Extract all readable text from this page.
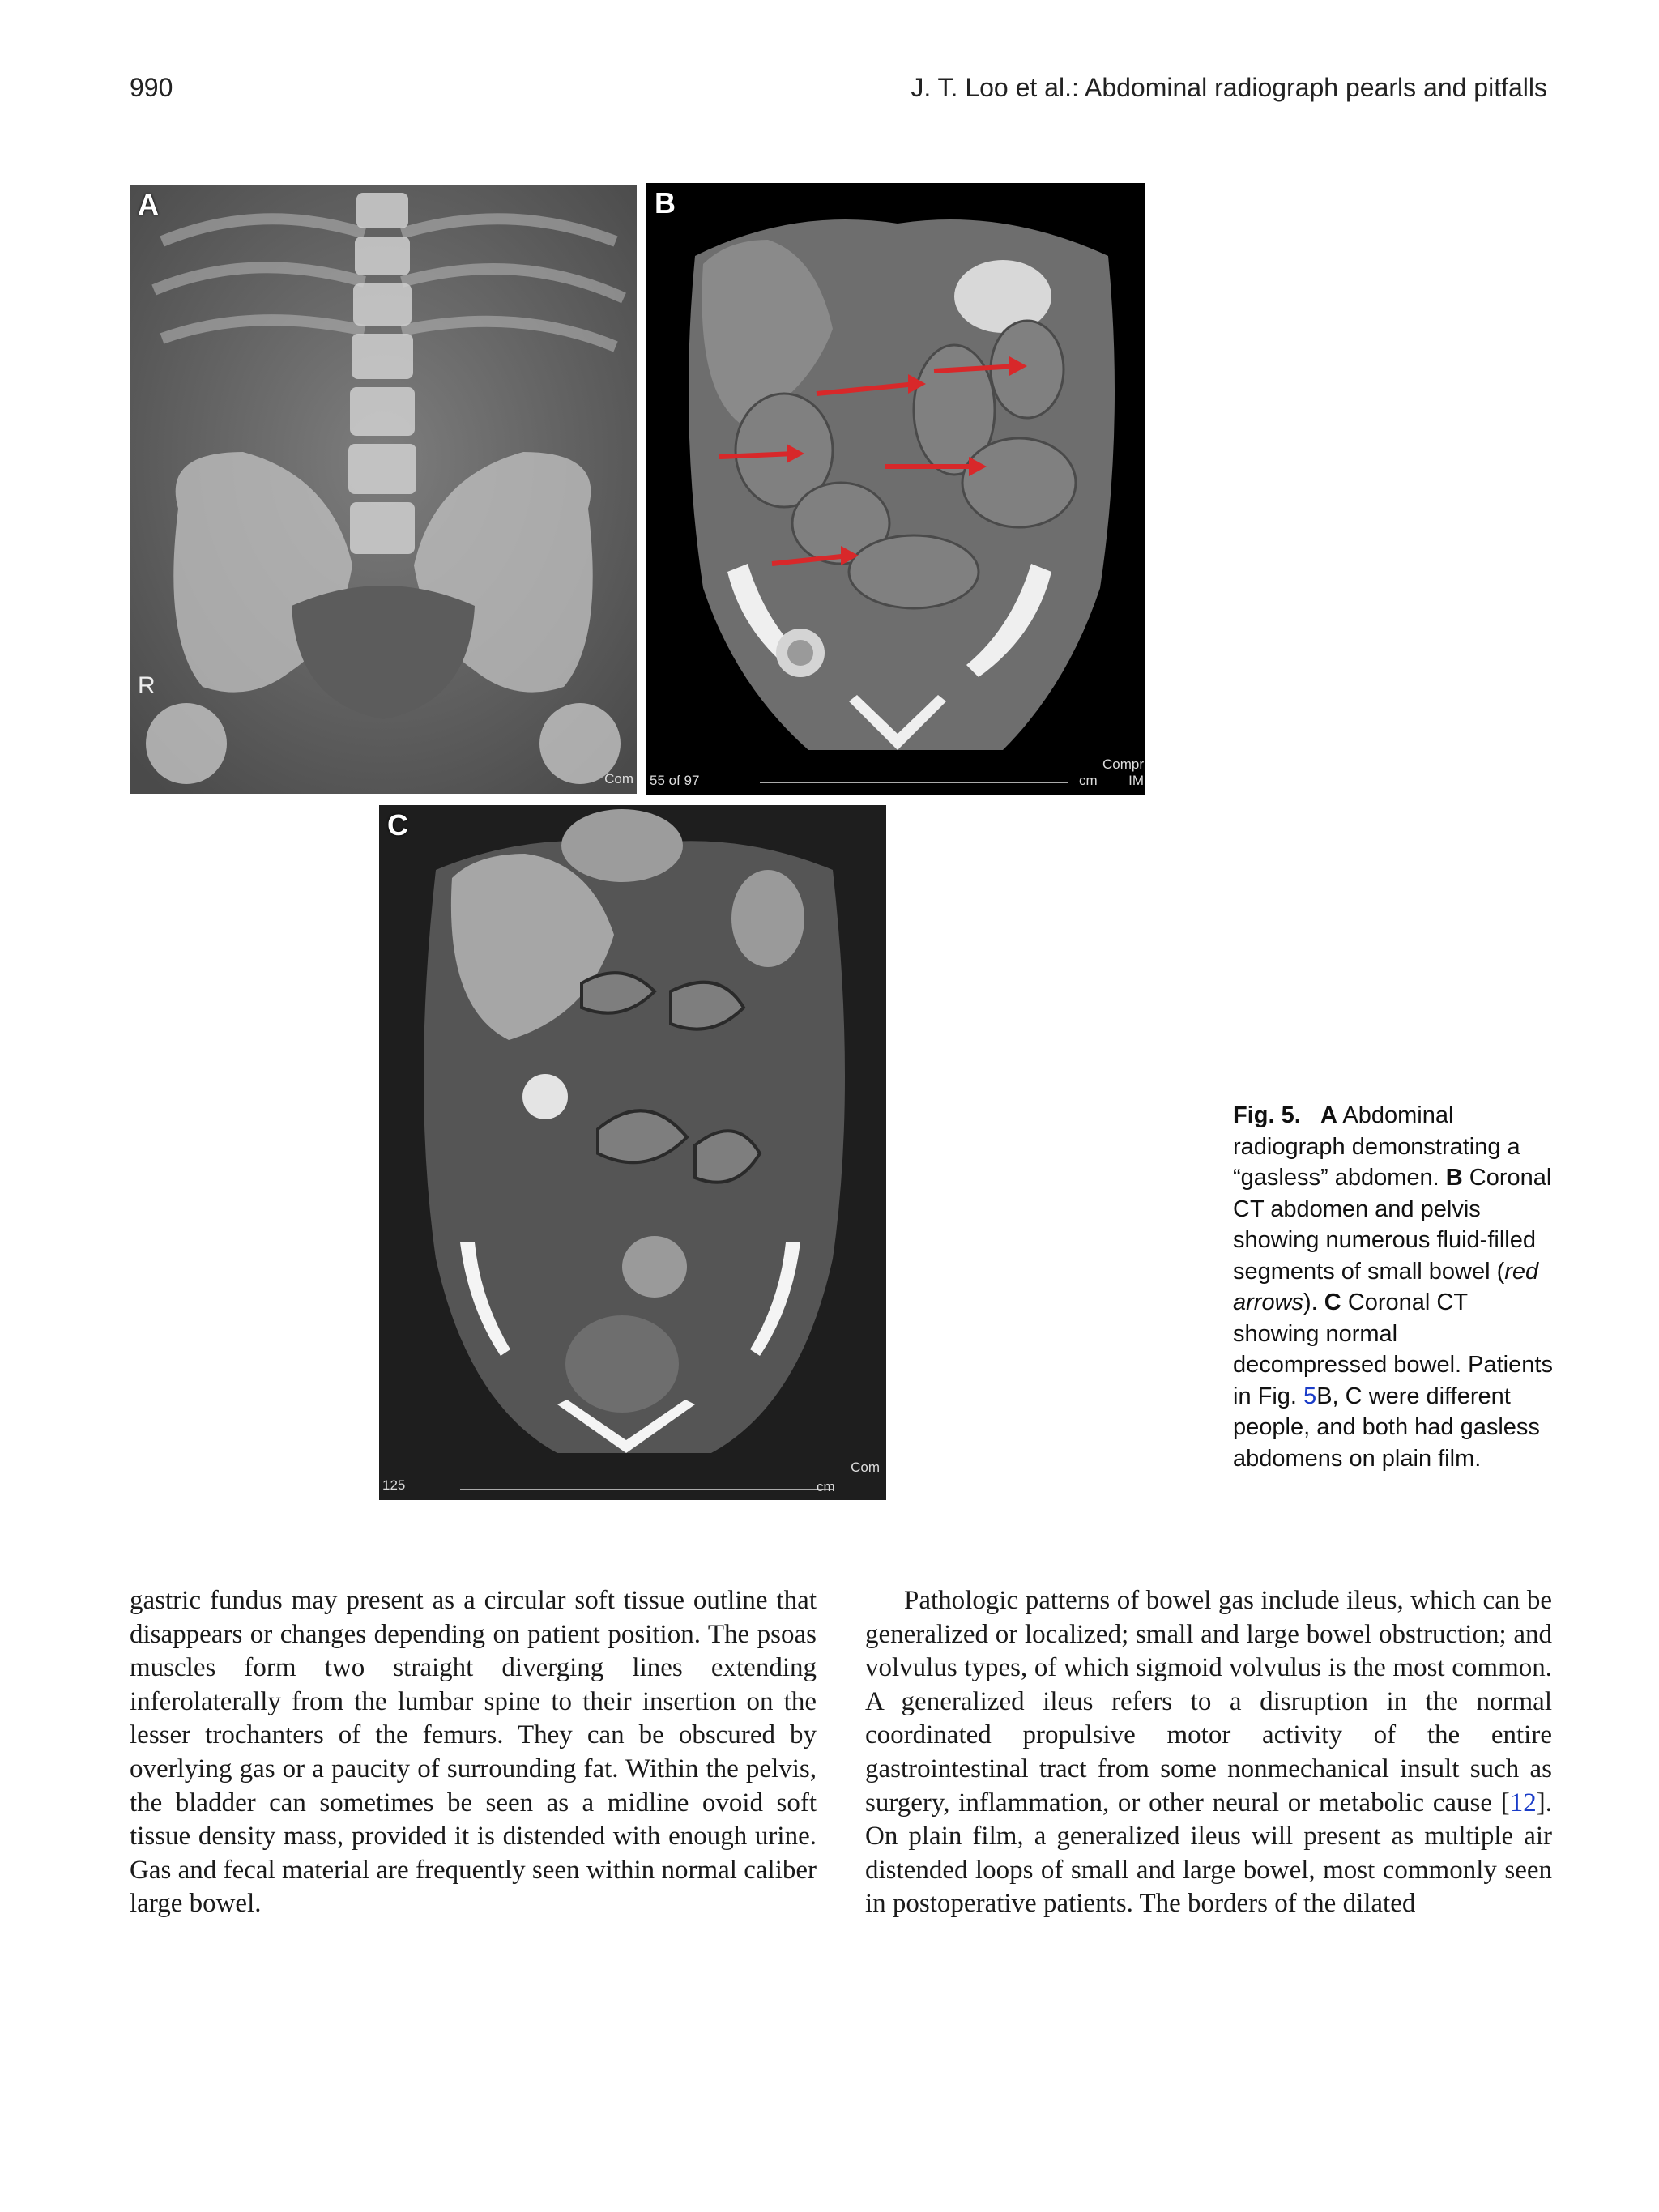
990	J. T. Loo et al.: Abdominal radiograph pearls and pitfalls
A
R
Com
B
55 of 97	cm
Compr IM
C
125	cm
Com
Fig. 5. A Abdominal radiograph demonstrating a “gasless” abdomen. B Coronal CT abdomen and pelvis showing numerous fluid-filled segments of small bowel (red arrows). C Coronal CT showing normal decompressed bowel. Patients in Fig. 5B, C were different people, and both had gasless abdomens on plain film.

gastric fundus may present as a circular soft tissue outline that disappears or changes depending on patient position. The psoas muscles form two straight diverging lines extending inferolaterally from the lumbar spine to their insertion on the lesser trochanters of the femurs. They can be obscured by overlying gas or a paucity of surrounding fat. Within the pelvis, the bladder can sometimes be seen as a midline ovoid soft tissue density mass, provided it is distended with enough urine. Gas and fecal material are frequently seen within normal caliber large bowel.

Pathologic patterns of bowel gas include ileus, which can be generalized or localized; small and large bowel obstruction; and volvulus types, of which sigmoid volvulus is the most common. A generalized ileus refers to a disruption in the normal coordinated propulsive motor activity of the entire gastrointestinal tract from some nonmechanical insult such as surgery, inflammation, or other neural or metabolic cause [12]. On plain film, a generalized ileus will present as multiple air distended loops of small and large bowel, most commonly seen in postoperative patients. The borders of the dilated
